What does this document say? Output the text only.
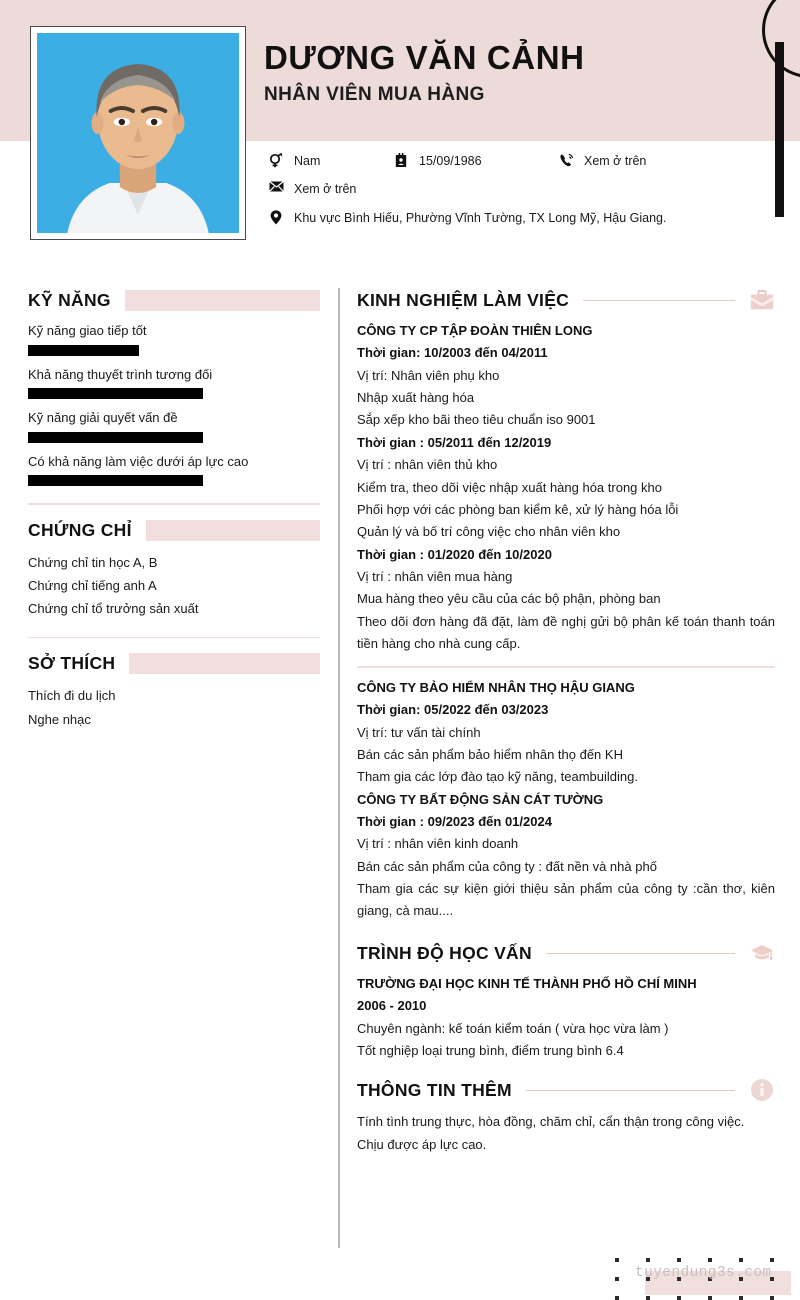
DƯƠNG VĂN CẢNH
NHÂN VIÊN MUA HÀNG
Nam	15/09/1986	Xem ở trên
Xem ở trên
Khu vực Bình Hiếu, Phường Vĩnh Tường, TX Long Mỹ, Hậu Giang.
KỸ NĂNG
Kỹ năng giao tiếp tốt
Khả năng thuyết trình tương đối
Kỹ năng giải quyết vấn đề
Có khả năng làm việc dưới áp lực cao
CHỨNG CHỈ
Chứng chỉ tin học A, B
Chứng chỉ tiếng anh A
Chứng chỉ tổ trưởng sản xuất
SỞ THÍCH
Thích đi du lịch
Nghe nhạc
KINH NGHIỆM LÀM VIỆC
CÔNG TY CP TẬP ĐOÀN THIÊN LONG
Thời gian: 10/2003 đến 04/2011
Vị trí: Nhân viên phụ kho
Nhập xuất hàng hóa
Sắp xếp kho bãi theo tiêu chuẩn iso 9001
Thời gian : 05/2011 đến 12/2019
Vị trí : nhân viên thủ kho
Kiểm tra, theo dõi việc nhập xuất hàng hóa trong kho
Phối hợp với các phòng ban kiểm kê, xử lý hàng hóa lỗi
Quản lý và bố trí công việc cho nhân viên kho
Thời gian : 01/2020 đến 10/2020
Vị trí : nhân viên mua hàng
Mua hàng theo yêu cầu của các bộ phận, phòng ban
Theo dõi đơn hàng đã đặt, làm đề nghị gửi bộ phân kế toán thanh toán tiền hàng cho nhà cung cấp.
CÔNG TY BẢO HIỂM NHÂN THỌ HẬU GIANG
Thời gian: 05/2022 đến 03/2023
Vị trí: tư vấn tài chính
Bán các sản phẩm bảo hiểm nhân thọ đến KH
Tham gia các lớp đào tạo kỹ năng, teambuilding.
CÔNG TY BẤT ĐỘNG SẢN CÁT TƯỜNG
Thời gian : 09/2023 đến 01/2024
Vị trí : nhân viên kinh doanh
Bán các sản phẩm của công ty : đất nền và nhà phố
Tham gia các sự kiện giới thiệu sản phẩm của công ty :cần thơ, kiên giang, cà mau....
TRÌNH ĐỘ HỌC VẤN
TRƯỜNG ĐẠI HỌC KINH TẾ THÀNH PHỐ HỒ CHÍ MINH
2006 - 2010
Chuyên ngành: kế toán kiểm toán ( vừa học vừa làm )
Tốt nghiệp loại trung bình, điểm trung bình 6.4
THÔNG TIN THÊM
Tính tình trung thực, hòa đồng, chăm chỉ, cẩn thận trong công việc.
Chịu được áp lực cao.
tuyendung3s.com
